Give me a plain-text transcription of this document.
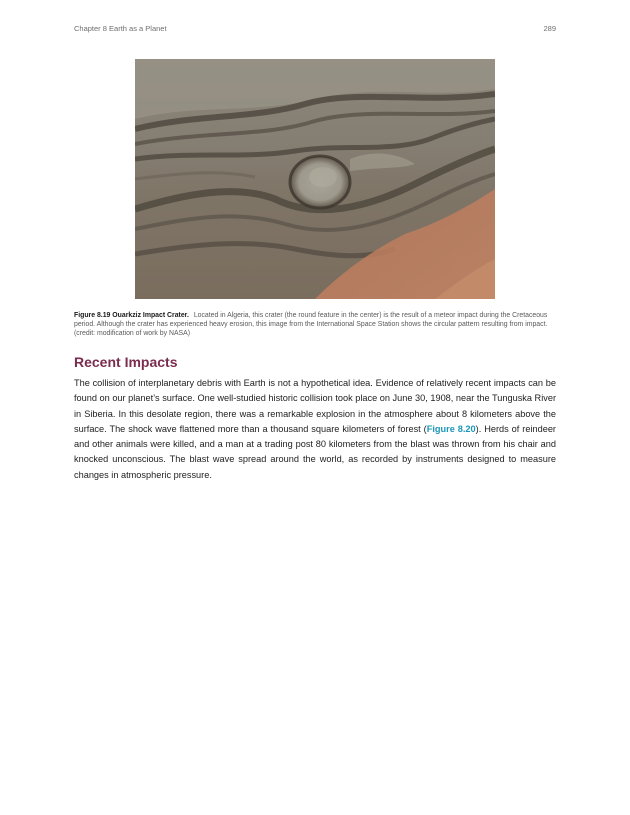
Chapter 8 Earth as a Planet	289
Figure 8.19 Ouarkziz Impact Crater. Located in Algeria, this crater (the round feature in the center) is the result of a meteor impact during the Cretaceous period. Although the crater has experienced heavy erosion, this image from the International Space Station shows the circular pattern resulting from impact. (credit: modification of work by NASA)
Recent Impacts

The collision of interplanetary debris with Earth is not a hypothetical idea. Evidence of relatively recent impacts can be found on our planet’s surface. One well-studied historic collision took place on June 30, 1908, near the Tunguska River in Siberia. In this desolate region, there was a remarkable explosion in the atmosphere about 8 kilometers above the surface. The shock wave flattened more than a thousand square kilometers of forest (Figure 8.20). Herds of reindeer and other animals were killed, and a man at a trading post 80 kilometers from the blast was thrown from his chair and knocked unconscious. The blast wave spread around the world, as recorded by instruments designed to measure changes in atmospheric pressure.
